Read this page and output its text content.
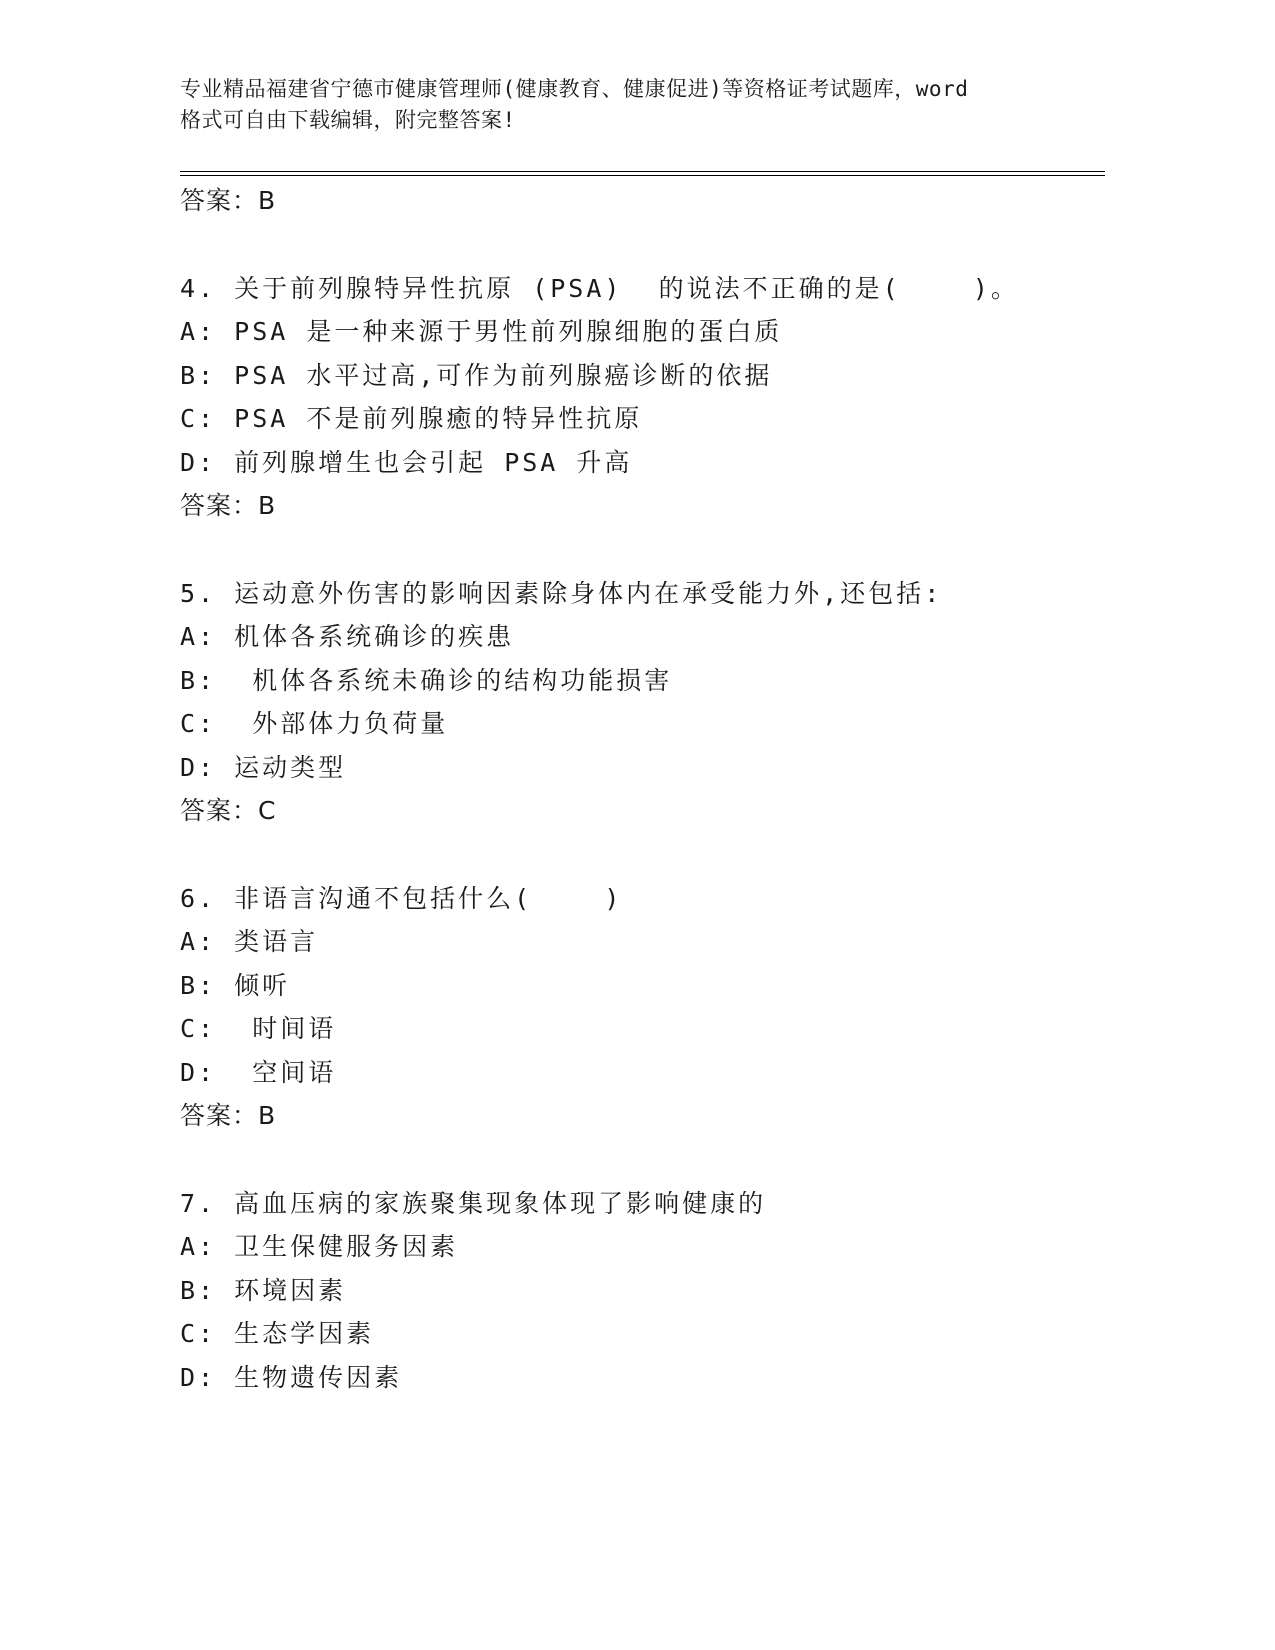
专业精品福建省宁德市健康管理师(健康教育、健康促进)等资格证考试题库，word
格式可自由下载编辑，附完整答案!
答案：B
4. 关于前列腺特异性抗原 (PSA)  的说法不正确的是(    )。
A: PSA 是一种来源于男性前列腺细胞的蛋白质
B: PSA 水平过高,可作为前列腺癌诊断的依据
C: PSA 不是前列腺癒的特异性抗原
D: 前列腺增生也会引起 PSA 升高
答案：B
5. 运动意外伤害的影响因素除身体内在承受能力外,还包括:
A: 机体各系统确诊的疾患
B:  机体各系统未确诊的结构功能损害
C:  外部体力负荷量
D: 运动类型
答案：C
6. 非语言沟通不包括什么(    )
A: 类语言
B: 倾听
C:  时间语
D:  空间语
答案：B
7. 高血压病的家族聚集现象体现了影响健康的
A: 卫生保健服务因素
B: 环境因素
C: 生态学因素
D: 生物遗传因素
